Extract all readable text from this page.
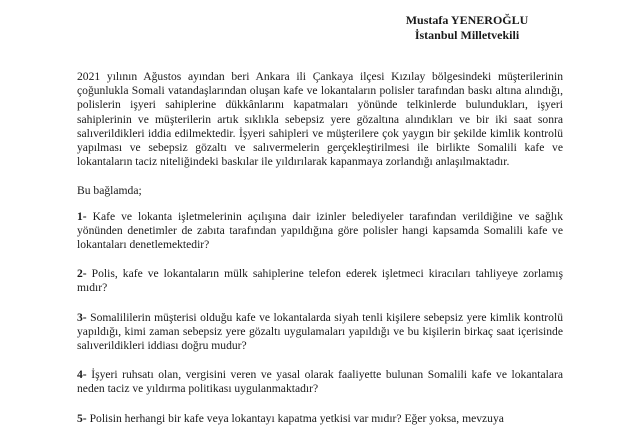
Mustafa YENEROĞLU
İstanbul Milletvekili

2021 yılının Ağustos ayından beri Ankara ili Çankaya ilçesi Kızılay bölgesindeki müşterilerinin çoğunlukla Somali vatandaşlarından oluşan kafe ve lokantaların polisler tarafından baskı altına alındığı, polislerin işyeri sahiplerine dükkânlarını kapatmaları yönünde telkinlerde bulundukları, işyeri sahiplerinin ve müşterilerin artık sıklıkla sebepsiz yere gözaltına alındıkları ve bir iki saat sonra salıverildikleri iddia edilmektedir. İşyeri sahipleri ve müşterilere çok yaygın bir şekilde kimlik kontrolü yapılması ve sebepsiz gözaltı ve salıvermelerin gerçekleştirilmesi ile birlikte Somalili kafe ve lokantaların taciz niteliğindeki baskılar ile yıldırılarak kapanmaya zorlandığı anlaşılmaktadır.

Bu bağlamda;

1- Kafe ve lokanta işletmelerinin açılışına dair izinler belediyeler tarafından verildiğine ve sağlık yönünden denetimler de zabıta tarafından yapıldığına göre polisler hangi kapsamda Somalili kafe ve lokantaları denetlemektedir?

2- Polis, kafe ve lokantaların mülk sahiplerine telefon ederek işletmeci kiracıları tahliyeye zorlamış mıdır?

3- Somalililerin müşterisi olduğu kafe ve lokantalarda siyah tenli kişilere sebepsiz yere kimlik kontrolü yapıldığı, kimi zaman sebepsiz yere gözaltı uygulamaları yapıldığı ve bu kişilerin birkaç saat içerisinde salıverildikleri iddiası doğru mudur?

4- İşyeri ruhsatı olan, vergisini veren ve yasal olarak faaliyette bulunan Somalili kafe ve lokantalara neden taciz ve yıldırma politikası uygulanmaktadır?

5- Polisin herhangi bir kafe veya lokantayı kapatma yetkisi var mıdır? Eğer yoksa, mevzuya
